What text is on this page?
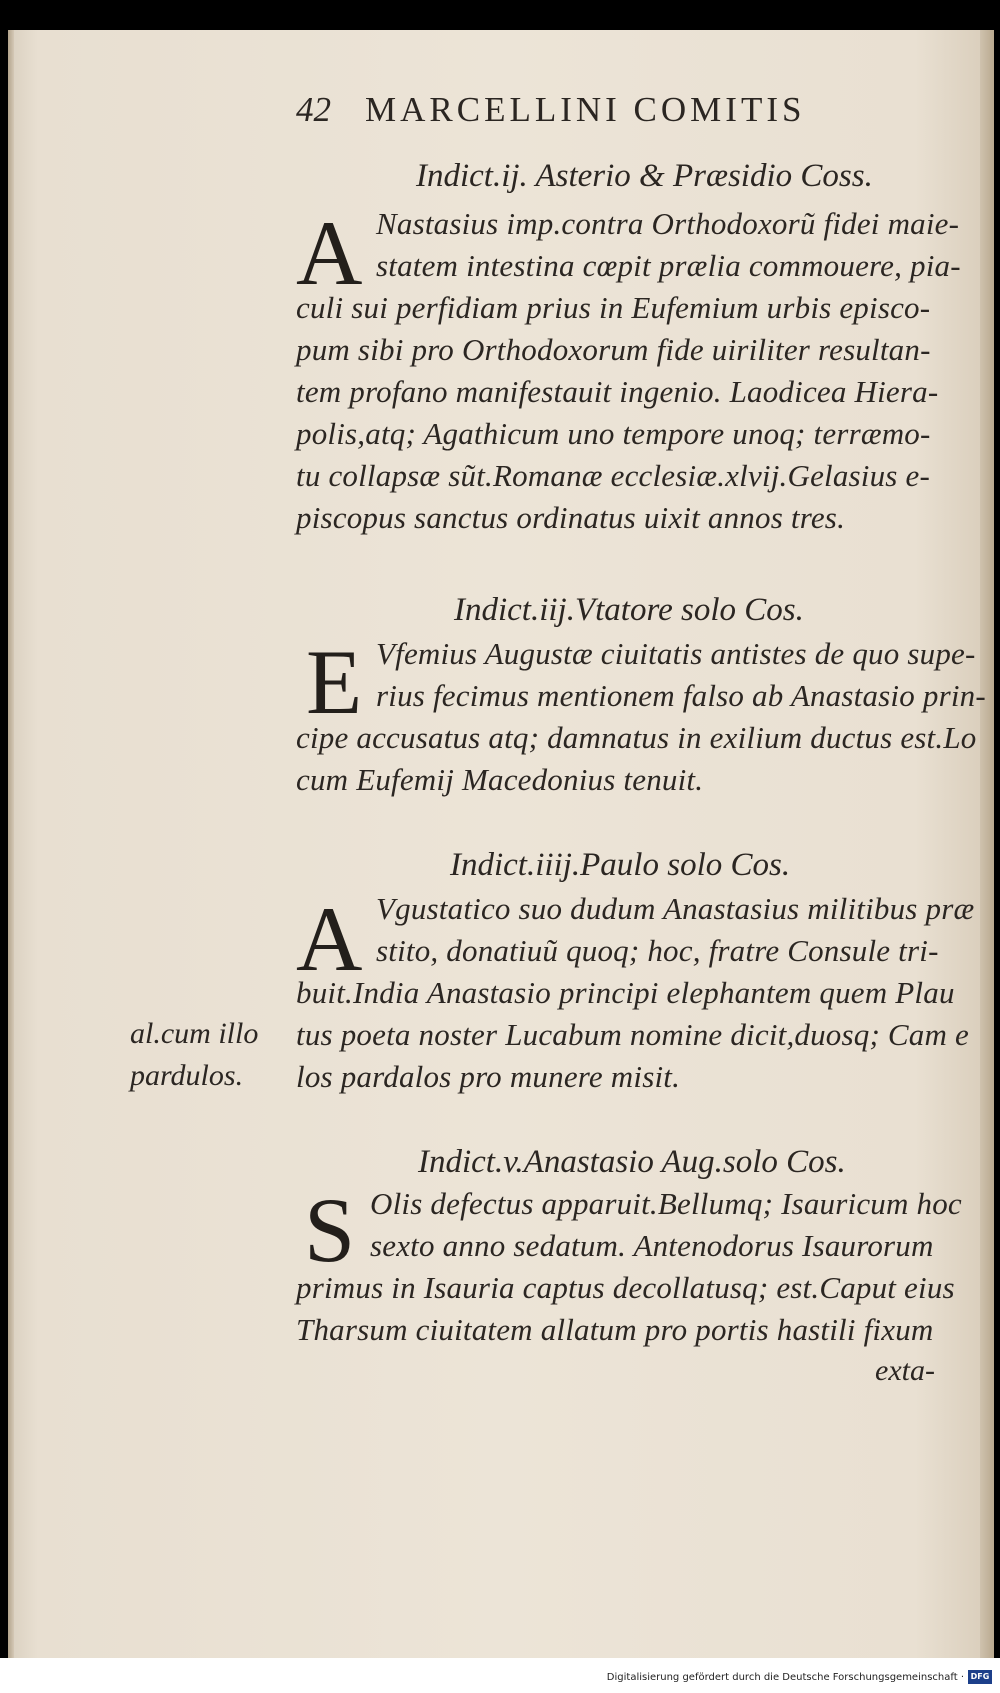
42 MARCELLINI COMITIS
Indict.ij. Asterio & Præsidio Coss.
A Nastasius imp.contra Orthodoxorũ fidei maie-
statem intestina cœpit prælia commouere, pia-
culi sui perfidiam prius in Eufemium urbis episco-
pum sibi pro Orthodoxorum fide uiriliter resultan-
tem profano manifestauit ingenio. Laodicea Hiera-
polis,atq; Agathicum uno tempore unoq; terræmo-
tu collapsæ sũt.Romanæ ecclesiæ.xlvij.Gelasius e-
piscopus sanctus ordinatus uixit annos tres.
Indict.iij.Vtatore solo Cos.
E Vfemius Augustæ ciuitatis antistes de quo supe-
rius fecimus mentionem falso ab Anastasio prin-
cipe accusatus atq; damnatus in exilium ductus est.Lo
cum Eufemij Macedonius tenuit.
Indict.iiij.Paulo solo Cos.
A Vgustatico suo dudum Anastasius militibus præ
stito, donatiuũ quoq; hoc, fratre Consule tri-
buit.India Anastasio principi elephantem quem Plau
tus poeta noster Lucabum nomine dicit,duosq; Cam e
los pardalos pro munere misit.
al.cum illo
pardulos.
Indict.v.Anastasio Aug.solo Cos.
S Olis defectus apparuit.Bellumq; Isauricum hoc
sexto anno sedatum. Antenodorus Isaurorum
primus in Isauria captus decollatusq; est.Caput eius
Tharsum ciuitatem allatum pro portis hastili fixum
exta-
Digitalisierung gefördert durch die Deutsche Forschungsgemeinschaft · DFG
